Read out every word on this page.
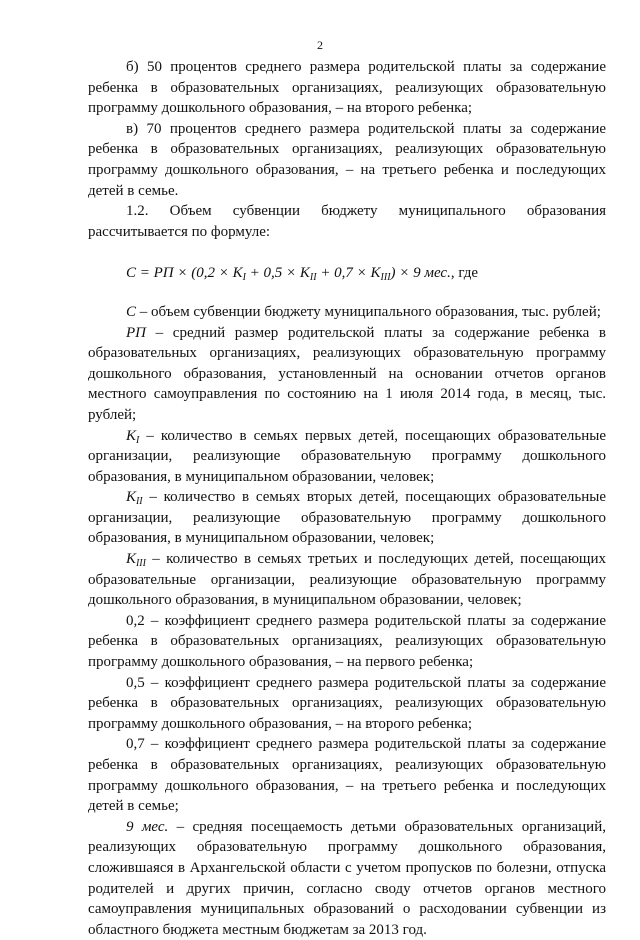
2

б) 50 процентов среднего размера родительской платы за содержание ребенка в образовательных организациях, реализующих образовательную программу дошкольного образования, – на второго ребенка;

в) 70 процентов среднего размера родительской платы за содержание ребенка в образовательных организациях, реализующих образовательную программу дошкольного образования, – на третьего ребенка и последующих детей в семье.

1.2. Объем субвенции бюджету муниципального образования рассчитывается по формуле:

С = РП × $(0,2 \times К_I + 0,5 \times К_{II} + 0,7 \times К_{III}) \times 9$ мес., где

С – объем субвенции бюджету муниципального образования, тыс. рублей;

РП – средний размер родительской платы за содержание ребенка в образовательных организациях, реализующих образовательную программу дошкольного образования, установленный на основании отчетов органов местного самоуправления по состоянию на 1 июля 2014 года, в месяц, тыс. рублей;

$К_I$ – количество в семьях первых детей, посещающих образовательные организации, реализующие образовательную программу дошкольного образования, в муниципальном образовании, человек;

$К_{II}$ – количество в семьях вторых детей, посещающих образовательные организации, реализующие образовательную программу дошкольного образования, в муниципальном образовании, человек;

$К_{III}$ – количество в семьях третьих и последующих детей, посещающих образовательные организации, реализующие образовательную программу дошкольного образования, в муниципальном образовании, человек;

0,2 – коэффициент среднего размера родительской платы за содержание ребенка в образовательных организациях, реализующих образовательную программу дошкольного образования, – на первого ребенка;

0,5 – коэффициент среднего размера родительской платы за содержание ребенка в образовательных организациях, реализующих образовательную программу дошкольного образования, – на второго ребенка;

0,7 – коэффициент среднего размера родительской платы за содержание ребенка в образовательных организациях, реализующих образовательную программу дошкольного образования, – на третьего ребенка и последующих детей в семье;

9 мес. – средняя посещаемость детьми образовательных организаций, реализующих образовательную программу дошкольного образования, сложившаяся в Архангельской области с учетом пропусков по болезни, отпуска родителей и других причин, согласно своду отчетов органов местного самоуправления муниципальных образований о расходовании субвенции из областного бюджета местным бюджетам за 2013 год.
